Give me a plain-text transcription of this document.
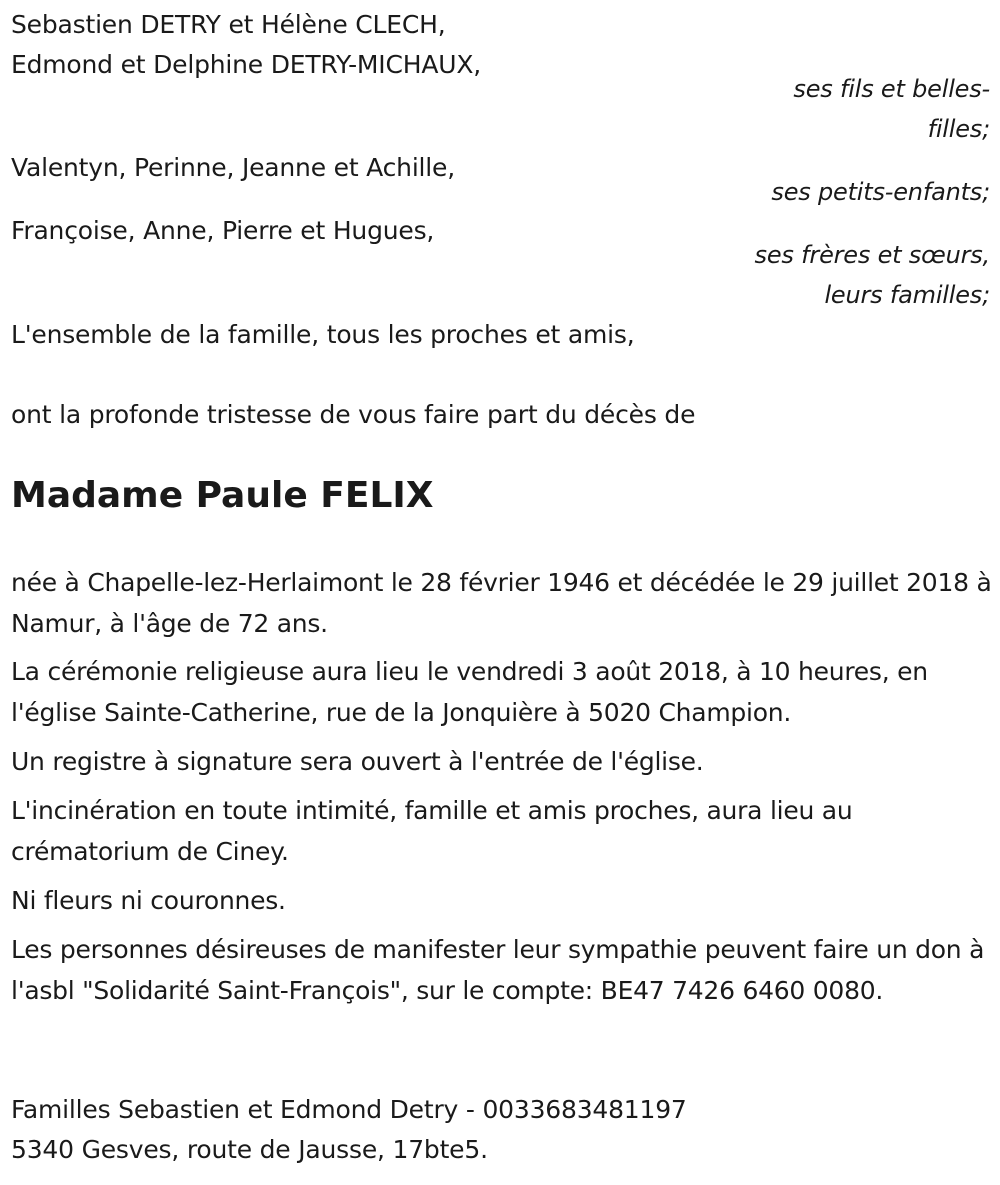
Sebastien DETRY et Hélène CLECH,
Edmond et Delphine DETRY-MICHAUX,
ses fils et belles-
filles;
Valentyn, Perinne, Jeanne et Achille,
ses petits-enfants;
Françoise, Anne, Pierre et Hugues,
ses frères et sœurs,
leurs familles;
L'ensemble de la famille, tous les proches et amis,
ont la profonde tristesse de vous faire part du décès de
Madame Paule FELIX
née à Chapelle-lez-Herlaimont le 28 février 1946 et décédée le 29 juillet 2018 à Namur, à l'âge de 72 ans.
La cérémonie religieuse aura lieu le vendredi 3 août 2018, à 10 heures, en l'église Sainte-Catherine, rue de la Jonquière à 5020 Champion.
Un registre à signature sera ouvert à l'entrée de l'église.
L'incinération en toute intimité, famille et amis proches, aura lieu au crématorium de Ciney.
Ni fleurs ni couronnes.
Les personnes désireuses de manifester leur sympathie peuvent faire un don à l'asbl "Solidarité Saint-François", sur le compte: BE47 7426 6460 0080.
Familles Sebastien et Edmond Detry - 0033683481197
5340 Gesves, route de Jausse, 17bte5.
